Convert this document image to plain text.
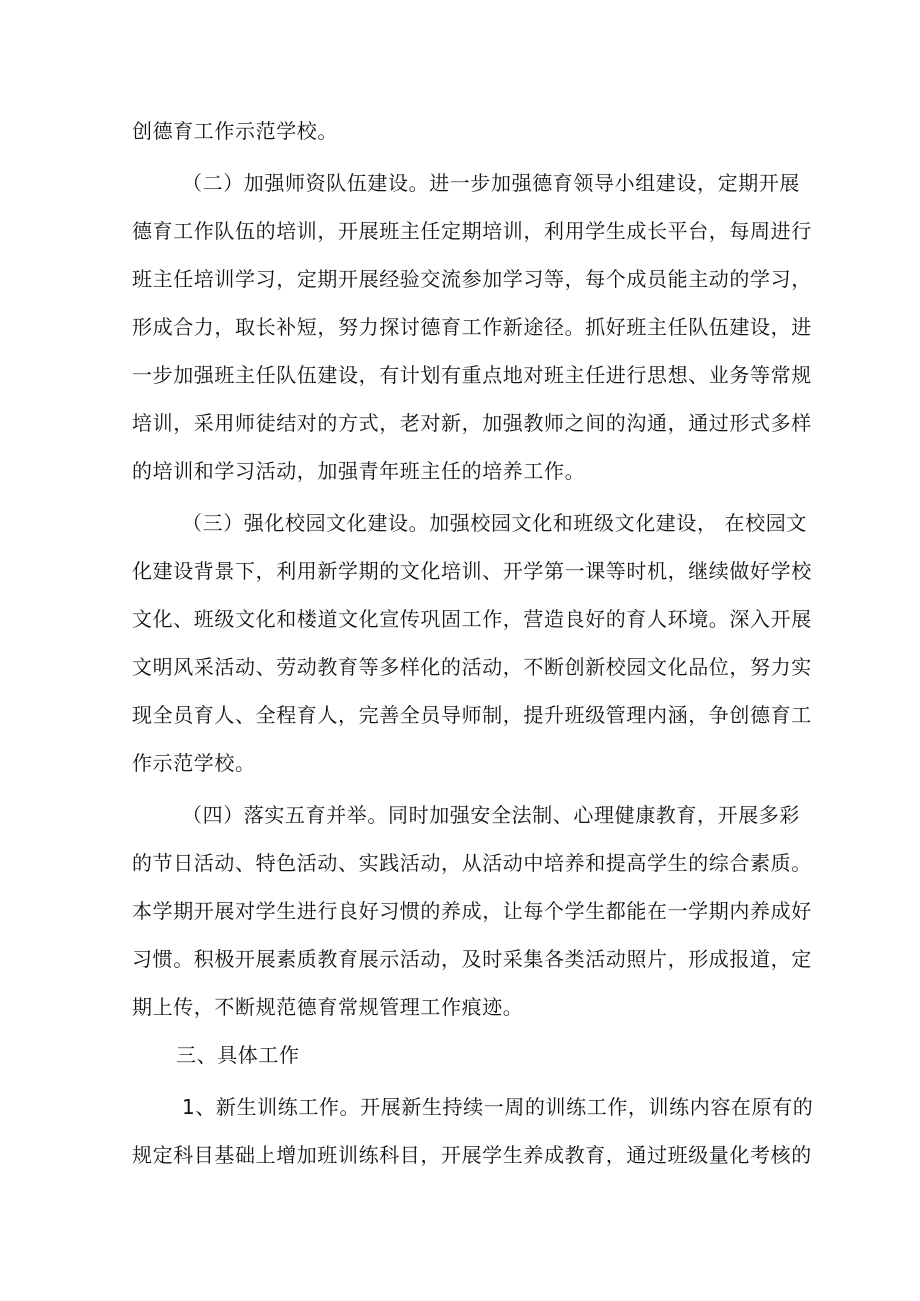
创德育工作示范学校。
（二）加强师资队伍建设。进一步加强德育领导小组建设，定期开展
德育工作队伍的培训，开展班主任定期培训，利用学生成长平台，每周进行
班主任培训学习，定期开展经验交流参加学习等，每个成员能主动的学习，
形成合力，取长补短，努力探讨德育工作新途径。抓好班主任队伍建设，进
一步加强班主任队伍建设，有计划有重点地对班主任进行思想、业务等常规
培训，采用师徒结对的方式，老对新，加强教师之间的沟通，通过形式多样
的培训和学习活动，加强青年班主任的培养工作。
（三）强化校园文化建设。加强校园文化和班级文化建设， 在校园文
化建设背景下，利用新学期的文化培训、开学第一课等时机，继续做好学校
文化、班级文化和楼道文化宣传巩固工作，营造良好的育人环境。深入开展
文明风采活动、劳动教育等多样化的活动，不断创新校园文化品位，努力实
现全员育人、全程育人，完善全员导师制，提升班级管理内涵，争创德育工
作示范学校。
（四）落实五育并举。同时加强安全法制、心理健康教育，开展多彩
的节日活动、特色活动、实践活动，从活动中培养和提高学生的综合素质。
本学期开展对学生进行良好习惯的养成，让每个学生都能在一学期内养成好
习惯。积极开展素质教育展示活动，及时采集各类活动照片，形成报道，定
期上传，不断规范德育常规管理工作痕迹。
三、具体工作
1、新生训练工作。开展新生持续一周的训练工作，训练内容在原有的
规定科目基础上增加班训练科目，开展学生养成教育，通过班级量化考核的
